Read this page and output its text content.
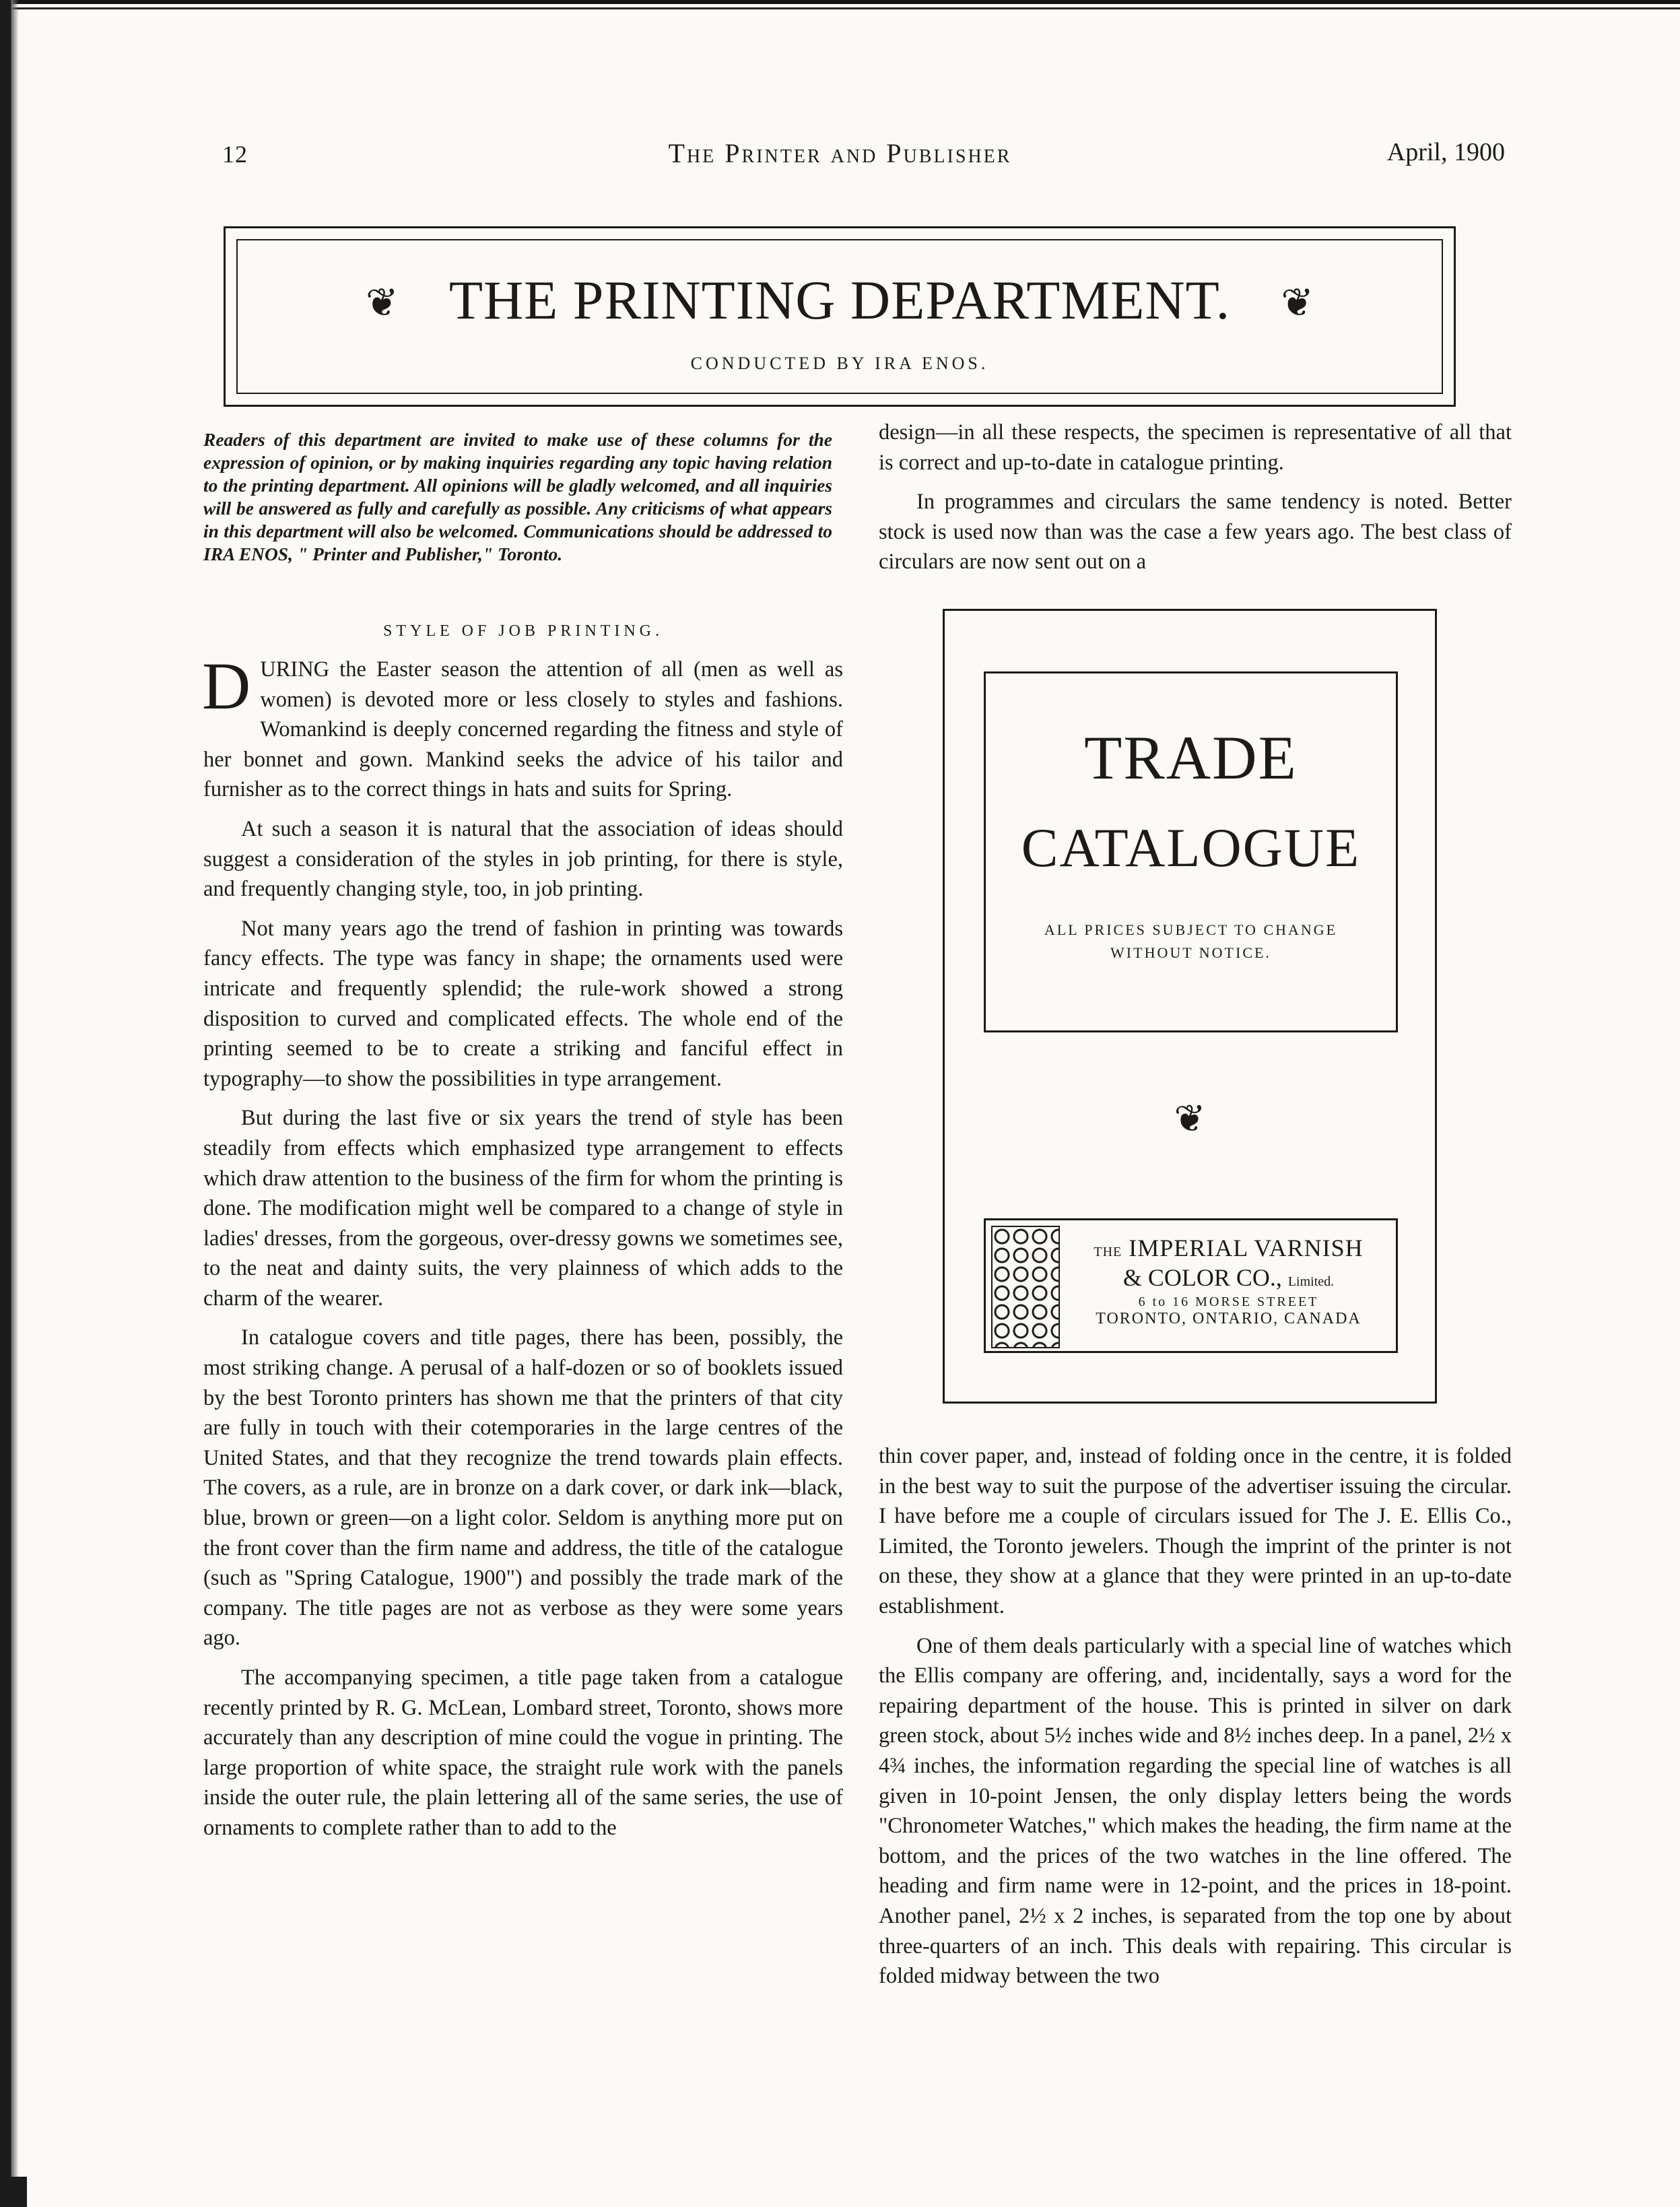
12	The Printer and Publisher	April, 1900
❦ THE PRINTING DEPARTMENT.	❦
CONDUCTED BY IRA ENOS.
Readers of this department are invited to make use of these columns for the expression of opinion, or by making inquiries regarding any topic having relation to the printing department. All opinions will be gladly welcomed, and all inquiries will be answered as fully and carefully as possible. Any criticisms of what appears in this department will also be welcomed. Communications should be addressed to IRA ENOS, " Printer and Publisher," Toronto.
STYLE OF JOB PRINTING.

DURING the Easter season the attention of all (men as well as women) is devoted more or less closely to styles and fashions. Womankind is deeply concerned regarding the fitness and style of her bonnet and gown. Mankind seeks the advice of his tailor and furnisher as to the correct things in hats and suits for Spring.

At such a season it is natural that the association of ideas should suggest a consideration of the styles in job printing, for there is style, and frequently changing style, too, in job printing.

Not many years ago the trend of fashion in printing was towards fancy effects. The type was fancy in shape; the ornaments used were intricate and frequently splendid; the rule-work showed a strong disposition to curved and complicated effects. The whole end of the printing seemed to be to create a striking and fanciful effect in typography—to show the possibilities in type arrangement.

But during the last five or six years the trend of style has been steadily from effects which emphasized type arrangement to effects which draw attention to the business of the firm for whom the printing is done. The modification might well be compared to a change of style in ladies' dresses, from the gorgeous, over-dressy gowns we sometimes see, to the neat and dainty suits, the very plainness of which adds to the charm of the wearer.

In catalogue covers and title pages, there has been, possibly, the most striking change. A perusal of a half-dozen or so of booklets issued by the best Toronto printers has shown me that the printers of that city are fully in touch with their cotemporaries in the large centres of the United States, and that they recognize the trend towards plain effects. The covers, as a rule, are in bronze on a dark cover, or dark ink—black, blue, brown or green—on a light color. Seldom is anything more put on the front cover than the firm name and address, the title of the catalogue (such as "Spring Catalogue, 1900") and possibly the trade mark of the company. The title pages are not as verbose as they were some years ago.

The accompanying specimen, a title page taken from a catalogue recently printed by R. G. McLean, Lombard street, Toronto, shows more accurately than any description of mine could the vogue in printing. The large proportion of white space, the straight rule work with the panels inside the outer rule, the plain lettering all of the same series, the use of ornaments to complete rather than to add to the

design—in all these respects, the specimen is representative of all that is correct and up-to-date in catalogue printing.

In programmes and circulars the same tendency is noted. Better stock is used now than was the case a few years ago. The best class of circulars are now sent out on a

TRADE
CATALOGUE
ALL PRICES SUBJECT TO CHANGE
WITHOUT NOTICE.
❦
THE IMPERIAL VARNISH
& COLOR CO., Limited.
6 to 16 MORSE STREET
TORONTO, ONTARIO, CANADA

thin cover paper, and, instead of folding once in the centre, it is folded in the best way to suit the purpose of the advertiser issuing the circular. I have before me a couple of circulars issued for The J. E. Ellis Co., Limited, the Toronto jewelers. Though the imprint of the printer is not on these, they show at a glance that they were printed in an up-to-date establishment.

One of them deals particularly with a special line of watches which the Ellis company are offering, and, incidentally, says a word for the repairing department of the house. This is printed in silver on dark green stock, about 5½ inches wide and 8½ inches deep. In a panel, 2½ x 4¾ inches, the information regarding the special line of watches is all given in 10-point Jensen, the only display letters being the words "Chronometer Watches," which makes the heading, the firm name at the bottom, and the prices of the two watches in the line offered. The heading and firm name were in 12-point, and the prices in 18-point. Another panel, 2½ x 2 inches, is separated from the top one by about three-quarters of an inch. This deals with repairing. This circular is folded midway between the two
